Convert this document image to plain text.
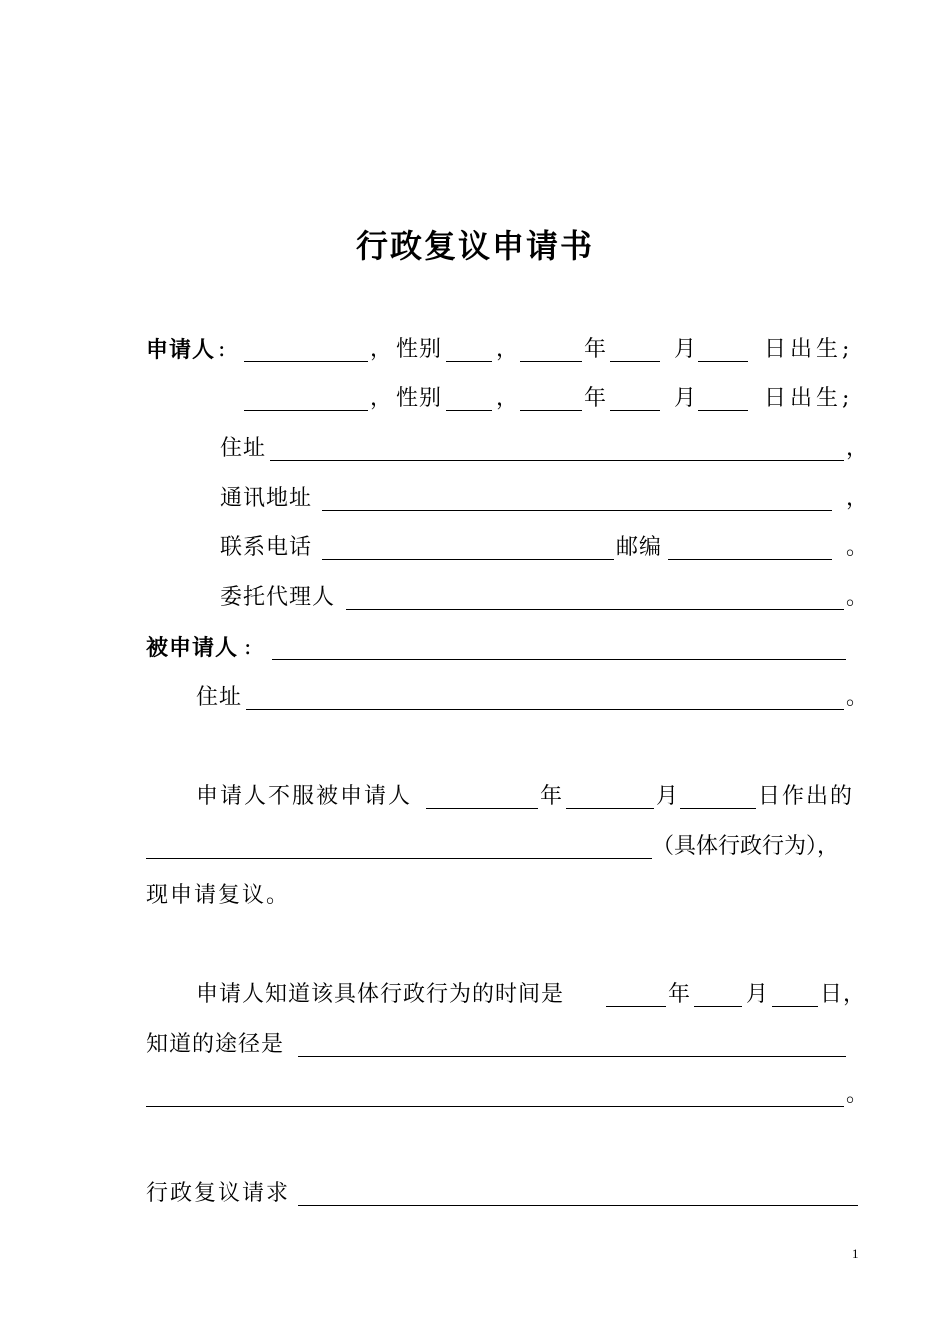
行政复议申请书
申请人 :	， 性别 ，	年	月	日出生;
， 性别 ，	年	月	日出生;
住址	，
通讯地址	，
联系电话	邮编	。
委托代理人	。
被申请人 :
住址	。
申请人不服被申请人	年	月	日作出的
（具体行政行为），
现申请复议。
申请人知道该具体行政行为的时间是	年 月 日，
知道的途径是
。
行政复议请求
1
